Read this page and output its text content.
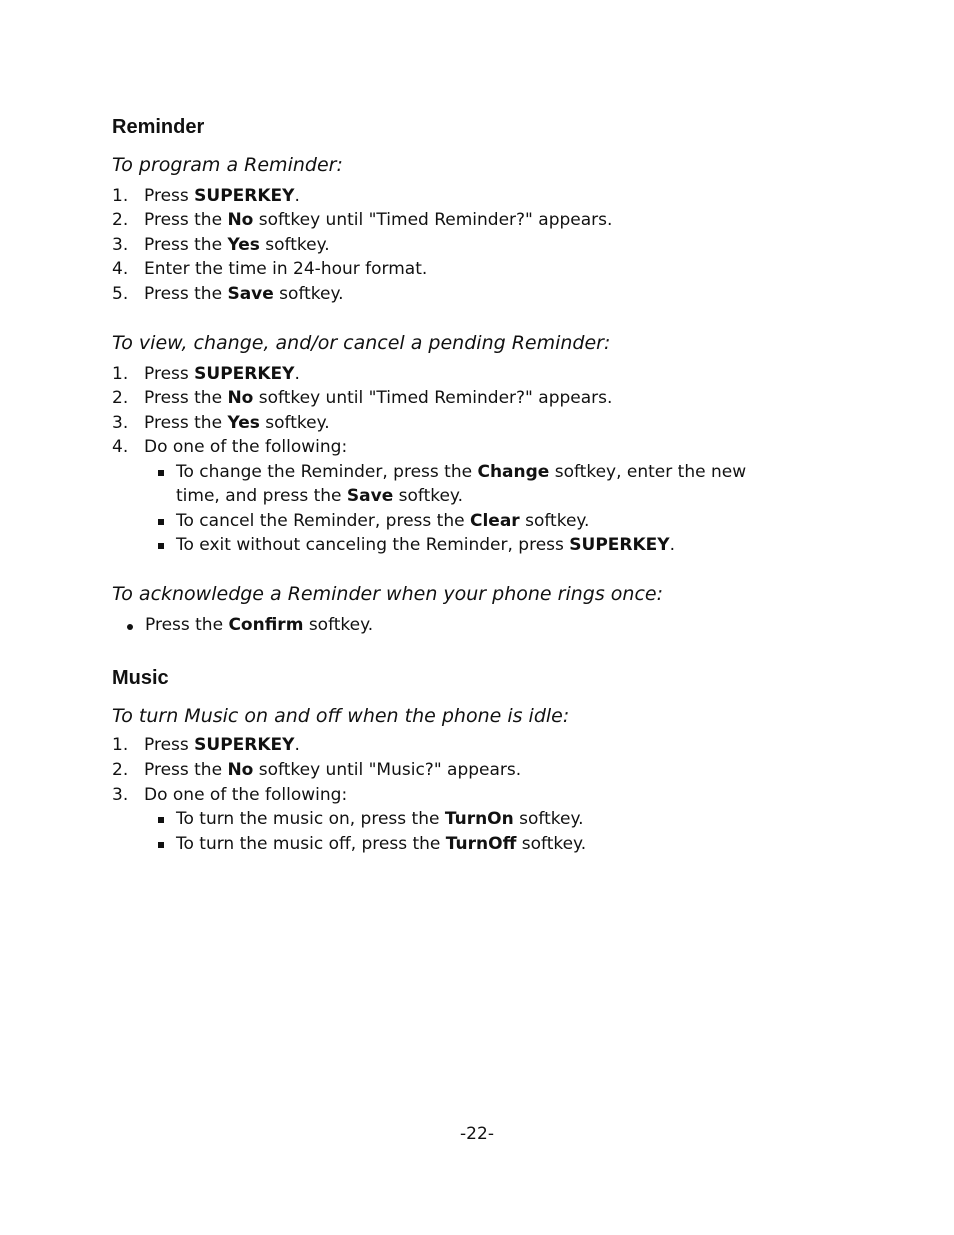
Reminder

To program a Reminder:

1. Press SUPERKEY.
2. Press the No softkey until "Timed Reminder?" appears.
3. Press the Yes softkey.
4. Enter the time in 24-hour format.
5. Press the Save softkey.

To view, change, and/or cancel a pending Reminder:

1. Press SUPERKEY.
2. Press the No softkey until "Timed Reminder?" appears.
3. Press the Yes softkey.
4. Do one of the following:
To change the Reminder, press the Change softkey, enter the new
time, and press the Save softkey.
To cancel the Reminder, press the Clear softkey.
To exit without canceling the Reminder, press SUPERKEY.

To acknowledge a Reminder when your phone rings once:

Press the Confirm softkey.
Music

To turn Music on and off when the phone is idle:

1. Press SUPERKEY.
2. Press the No softkey until "Music?" appears.
3. Do one of the following:
To turn the music on, press the TurnOn softkey.
To turn the music off, press the TurnOff softkey.
-22-
